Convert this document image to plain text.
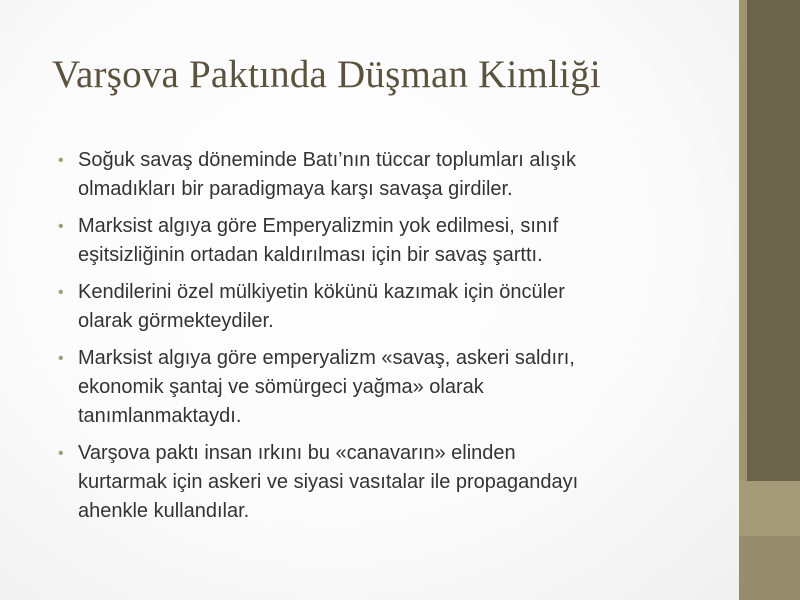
Varşova Paktında Düşman Kimliği
• Soğuk savaş döneminde Batı’nın tüccar toplumları alışık
olmadıkları bir paradigmaya karşı savaşa girdiler.
• Marksist algıya göre Emperyalizmin yok edilmesi, sınıf
eşitsizliğinin ortadan kaldırılması için bir savaş şarttı.
• Kendilerini özel mülkiyetin kökünü kazımak için öncüler
olarak görmekteydiler.
• Marksist algıya göre emperyalizm «savaş, askeri saldırı,
ekonomik şantaj ve sömürgeci yağma» olarak
tanımlanmaktaydı.
• Varşova paktı insan ırkını bu «canavarın» elinden
kurtarmak için askeri ve siyasi vasıtalar ile propagandayı
ahenkle kullandılar.
